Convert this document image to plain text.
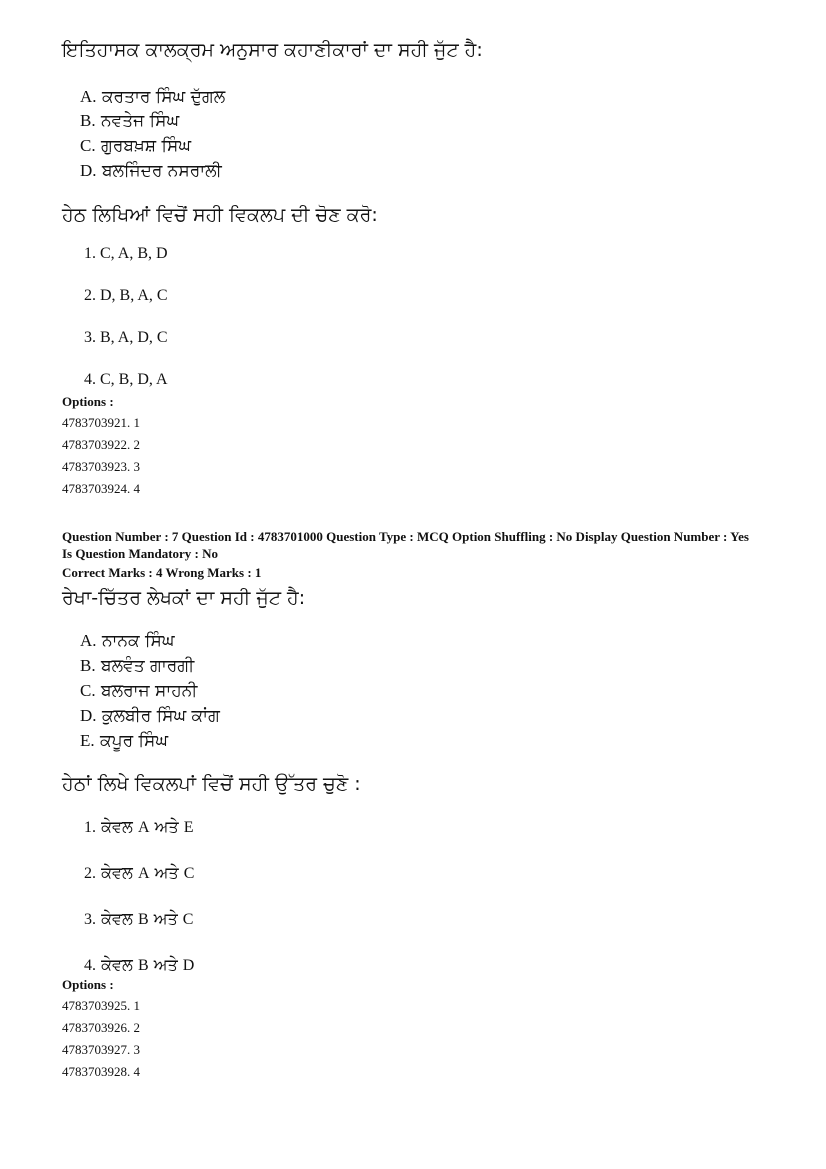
ਇਤਿਹਾਸਕ ਕਾਲਕ੍ਰਮ ਅਨੁਸਾਰ ਕਹਾਣੀਕਾਰਾਂ ਦਾ ਸਹੀ ਜੁੱਟ ਹੈ:
A. ਕਰਤਾਰ ਸਿੰਘ ਦੁੱਗਲ
B. ਨਵਤੇਜ ਸਿੰਘ
C. ਗੁਰਬਖ਼ਸ਼ ਸਿੰਘ
D. ਬਲਜਿੰਦਰ ਨਸਰਾਲੀ
ਹੇਠ ਲਿਖਿਆਂ ਵਿਚੋਂ ਸਹੀ ਵਿਕਲਪ ਦੀ ਚੋਣ ਕਰੋ:
1. C, A, B, D
2. D, B, A, C
3. B, A, D, C
4. C, B, D, A
Options :
4783703921. 1
4783703922. 2
4783703923. 3
4783703924. 4
Question Number : 7 Question Id : 4783701000 Question Type : MCQ Option Shuffling : No Display Question Number : Yes Is Question Mandatory : No
Correct Marks : 4 Wrong Marks : 1
ਰੇਖਾ-ਚਿੱਤਰ ਲੇਖਕਾਂ ਦਾ ਸਹੀ ਜੁੱਟ ਹੈ:
A. ਨਾਨਕ ਸਿੰਘ
B. ਬਲਵੰਤ ਗਾਰਗੀ
C. ਬਲਰਾਜ ਸਾਹਨੀ
D. ਕੁਲਬੀਰ ਸਿੰਘ ਕਾਂਗ
E. ਕਪੂਰ ਸਿੰਘ
ਹੇਠਾਂ ਲਿਖੇ ਵਿਕਲਪਾਂ ਵਿਚੋਂ ਸਹੀ ਉੱਤਰ ਚੁਣੋ :
1. ਕੇਵਲ A ਅਤੇ E
2. ਕੇਵਲ A ਅਤੇ C
3. ਕੇਵਲ B ਅਤੇ C
4. ਕੇਵਲ B ਅਤੇ D
Options :
4783703925. 1
4783703926. 2
4783703927. 3
4783703928. 4
